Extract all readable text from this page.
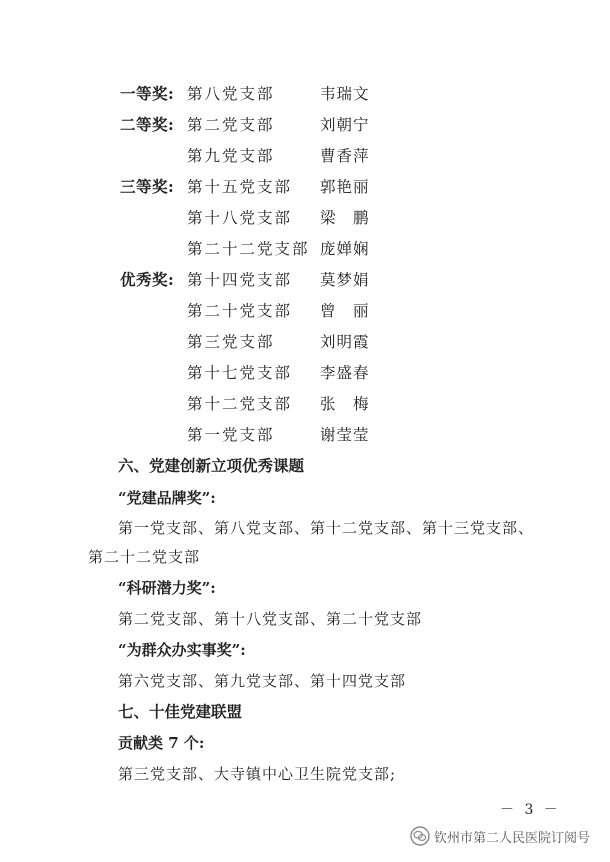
一等奖: 第八党支部	韦瑞文
二等奖: 第二党支部	刘朝宁
第九党支部	曹香萍
三等奖: 第十五党支部 郭艳丽
第十八党支部 梁　鹏
第二十二党支部 庞婵娴
优秀奖: 第十四党支部 莫梦娟
第二十党支部 曾　丽
第三党支部	刘明霞
第十七党支部 李盛春
第十二党支部 张　梅
第一党支部	谢莹莹
六、党建创新立项优秀课题
“党建品牌奖”:
第一党支部、第八党支部、第十二党支部、第十三党支部、
第二十二党支部
“科研潜力奖”:
第二党支部、第十八党支部、第二十党支部
“为群众办实事奖”:
第六党支部、第九党支部、第十四党支部
七、十佳党建联盟
贡献类 7 个:
第三党支部、大寺镇中心卫生院党支部;
－ 3 －
钦州市第二人民医院订阅号
